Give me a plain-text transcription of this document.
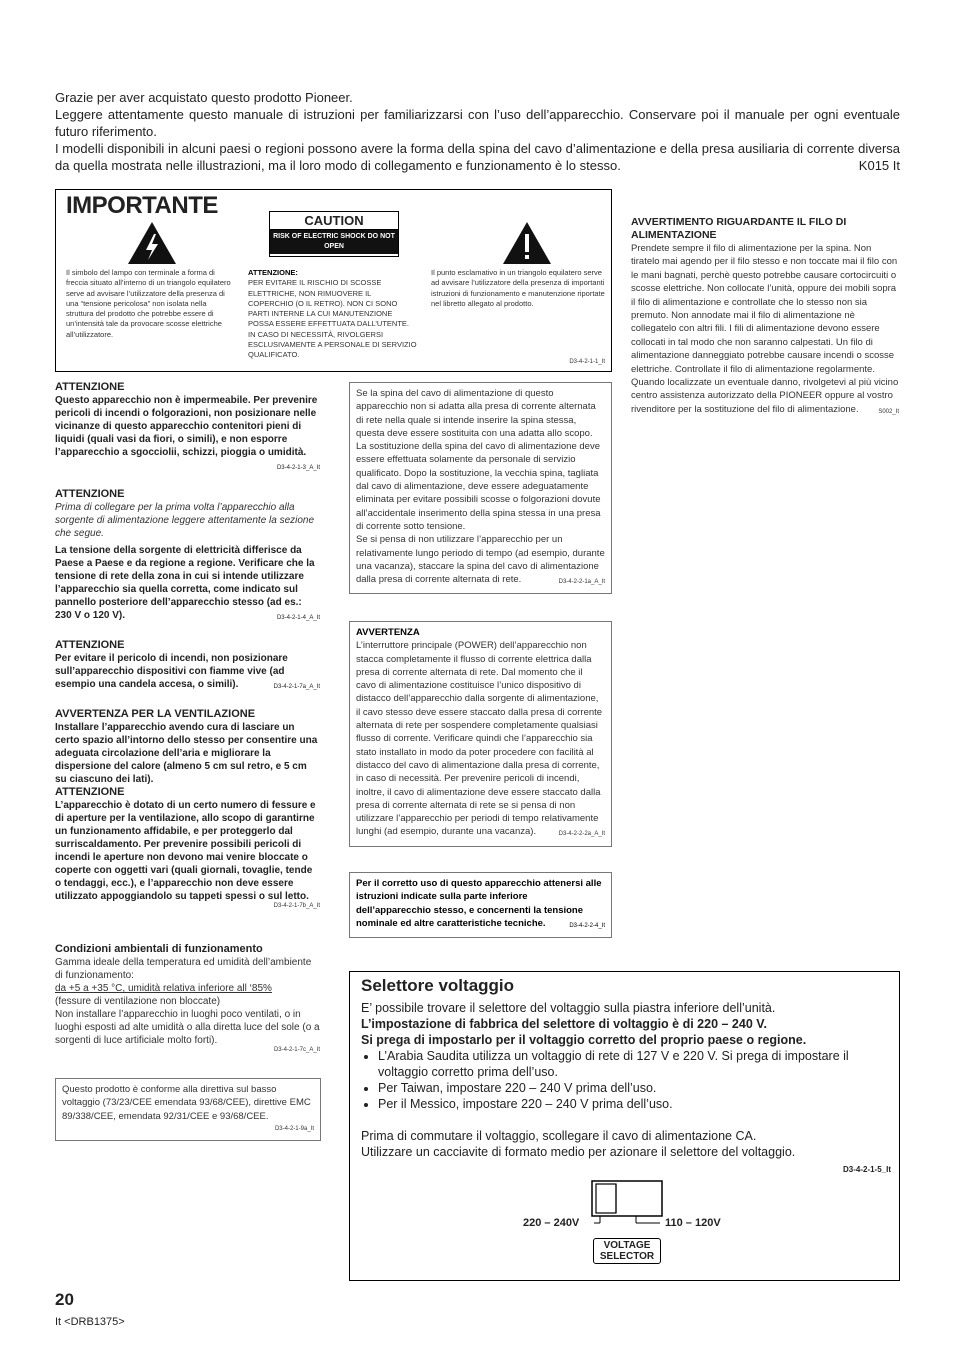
Grazie per aver acquistato questo prodotto Pioneer.

Leggere attentamente questo manuale di istruzioni per familiarizzarsi con l’uso dell’apparecchio. Conservare poi il manuale per ogni eventuale futuro riferimento.

I modelli disponibili in alcuni paesi o regioni possono avere la forma della spina del cavo d’alimentazione e della presa ausiliaria di corrente diversa da quella mostrata nelle illustrazioni, ma il loro modo di collegamento e funzionamento è lo stesso.	K015 It

IMPORTANTE
CAUTION
RISK OF ELECTRIC SHOCK DO NOT OPEN
Il simbolo del lampo con terminale a forma di freccia situato all’interno di un triangolo equilatero serve ad avvisare l’utilizzatore della presenza di una “tensione pericolosa” non isolata nella struttura del prodotto che potrebbe essere di un’intensità tale da provocare scosse elettriche all’utilizzatore.
ATTENZIONE:
PER EVITARE IL RISCHIO DI SCOSSE ELETTRICHE, NON RIMUOVERE IL COPERCHIO (O IL RETRO). NON CI SONO PARTI INTERNE LA CUI MANUTENZIONE POSSA ESSERE EFFETTUATA DALL’UTENTE. IN CASO DI NECESSITÀ, RIVOLGERSI ESCLUSIVAMENTE A PERSONALE DI SERVIZIO QUALIFICATO.
Il punto esclamativo in un triangolo equilatero serve ad avvisare l’utilizzatore della presenza di importanti istruzioni di funzionamento e manutenzione riportate nel libretto allegato al prodotto.
D3-4-2-1-1_It

AVVERTIMENTO RIGUARDANTE IL FILO DI ALIMENTAZIONE

Prendete sempre il filo di alimentazione per la spina. Non tiratelo mai agendo per il filo stesso e non toccate mai il filo con le mani bagnati, perchè questo potrebbe causare cortocircuiti o scosse elettriche. Non collocate l’unità, oppure dei mobili sopra il filo di alimentazione e controllate che lo stesso non sia premuto. Non annodate mai il filo di alimentazione nè collegatelo con altri fili. I fili di alimentazione devono essere collocati in tal modo che non saranno calpestati. Un filo di alimentazione danneggiato potrebbe causare incendi o scosse elettriche. Controllate il filo di alimentazione regolarmente. Quando localizzate un eventuale danno, rivolgetevi al più vicino centro assistenza autorizzato della PIONEER oppure al vostro rivenditore per la sostituzione del filo di alimentazione.	S002_It

ATTENZIONE

Questo apparecchio non è impermeabile. Per prevenire pericoli di incendi o folgorazioni, non posizionare nelle vicinanze di questo apparecchio contenitori pieni di liquidi (quali vasi da fiori, o simili), e non esporre l’apparecchio a sgocciolii, schizzi, pioggia o umidità.
D3-4-2-1-3_A_It

ATTENZIONE

Prima di collegare per la prima volta l’apparecchio alla sorgente di alimentazione leggere attentamente la sezione che segue.

La tensione della sorgente di elettricità differisce da Paese a Paese e da regione a regione. Verificare che la tensione di rete della zona in cui si intende utilizzare l’apparecchio sia quella corretta, come indicato sul pannello posteriore dell’apparecchio stesso (ad es.: 230 V o 120 V).	D3-4-2-1-4_A_It

ATTENZIONE

Per evitare il pericolo di incendi, non posizionare sull’apparecchio dispositivi con fiamme vive (ad esempio una candela accesa, o simili).	D3-4-2-1-7a_A_It

AVVERTENZA PER LA VENTILAZIONE

Installare l’apparecchio avendo cura di lasciare un certo spazio all’intorno dello stesso per consentire una adeguata circolazione dell’aria e migliorare la dispersione del calore (almeno 5 cm sul retro, e 5 cm su ciascuno dei lati).

ATTENZIONE

L’apparecchio è dotato di un certo numero di fessure e di aperture per la ventilazione, allo scopo di garantirne un funzionamento affidabile, e per proteggerlo dal surriscaldamento. Per prevenire possibili pericoli di incendi le aperture non devono mai venire bloccate o coperte con oggetti vari (quali giornali, tovaglie, tende o tendaggi, ecc.), e l’apparecchio non deve essere utilizzato appoggiandolo su tappeti spessi o sul letto.

D3-4-2-1-7b_A_It

Condizioni ambientali di funzionamento

Gamma ideale della temperatura ed umidità dell’ambiente di funzionamento:

da +5 a +35 °C, umidità relativa inferiore all ‘85%

(fessure di ventilazione non bloccate)

Non installare l’apparecchio in luoghi poco ventilati, o in luoghi esposti ad alte umidità o alla diretta luce del sole (o a sorgenti di luce artificiale molto forti).

D3-4-2-1-7c_A_It
Questo prodotto è conforme alla direttiva sul basso voltaggio (73/23/CEE emendata 93/68/CEE), direttive EMC 89/338/CEE, emendata 92/31/CEE e 93/68/CEE.
D3-4-2-1-9a_It
Se la spina del cavo di alimentazione di questo apparecchio non si adatta alla presa di corrente alternata di rete nella quale si intende inserire la spina stessa, questa deve essere sostituita con una adatta allo scopo. La sostituzione della spina del cavo di alimentazione deve essere effettuata solamente da personale di servizio qualificato. Dopo la sostituzione, la vecchia spina, tagliata dal cavo di alimentazione, deve essere adeguatamente eliminata per evitare possibili scosse o folgorazioni dovute all’accidentale inserimento della spina stessa in una presa di corrente sotto tensione.
Se si pensa di non utilizzare l’apparecchio per un relativamente lungo periodo di tempo (ad esempio, durante una vacanza), staccare la spina del cavo di alimentazione dalla presa di corrente alternata di rete.	D3-4-2-2-1a_A_It
AVVERTENZA
L’interruttore principale (POWER) dell’apparecchio non stacca completamente il flusso di corrente elettrica dalla presa di corrente alternata di rete. Dal momento che il cavo di alimentazione costituisce l’unico dispositivo di distacco dell’apparecchio dalla sorgente di alimentazione, il cavo stesso deve essere staccato dalla presa di corrente alternata di rete per sospendere completamente qualsiasi flusso di corrente. Verificare quindi che l’apparecchio sia stato installato in modo da poter procedere con facilità al distacco del cavo di alimentazione dalla presa di corrente, in caso di necessità. Per prevenire pericoli di incendi, inoltre, il cavo di alimentazione deve essere staccato dalla presa di corrente alternata di rete se si pensa di non utilizzare l’apparecchio per periodi di tempo relativamente lunghi (ad esempio, durante una vacanza).	D3-4-2-2-2a_A_It
Per il corretto uso di questo apparecchio attenersi alle istruzioni indicate sulla parte inferiore dell’apparecchio stesso, e concernenti la tensione nominale ed altre caratteristiche tecniche.	D3-4-2-2-4_It
Selettore voltaggio
E’ possibile trovare il selettore del voltaggio sulla piastra inferiore dell’unità.
L’impostazione di fabbrica del selettore di voltaggio è di 220 – 240 V.
Si prega di impostarlo per il voltaggio corretto del proprio paese o regione.
• L’Arabia Saudita utilizza un voltaggio di rete di 127 V e 220 V. Si prega di impostare il voltaggio corretto prima dell’uso.
• Per Taiwan, impostare 220 – 240 V prima dell’uso.
• Per il Messico, impostare 220 – 240 V prima dell’uso.
Prima di commutare il voltaggio, scollegare il cavo di alimentazione CA.
Utilizzare un cacciavite di formato medio per azionare il selettore del voltaggio.
D3-4-2-1-5_It
220 – 240V	110 – 120V
VOLTAGE
SELECTOR
20
It <DRB1375>
